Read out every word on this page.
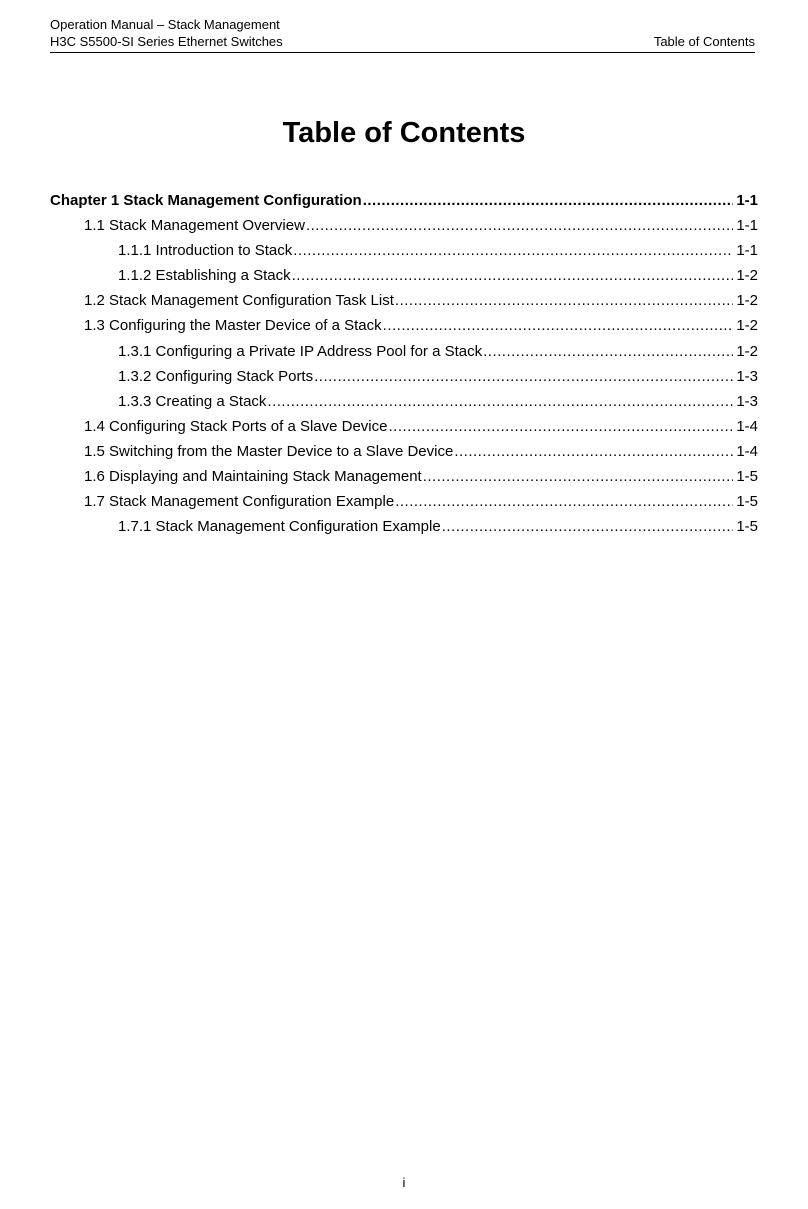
Operation Manual – Stack Management
H3C S5500-SI Series Ethernet Switches	Table of Contents
Table of Contents
Chapter 1 Stack Management Configuration .....	1-1
1.1 Stack Management Overview .....	1-1
1.1.1 Introduction to Stack .....	1-1
1.1.2 Establishing a Stack .....	1-2
1.2 Stack Management Configuration Task List .....	1-2
1.3 Configuring the Master Device of a Stack .....	1-2
1.3.1 Configuring a Private IP Address Pool for a Stack .....	1-2
1.3.2 Configuring Stack Ports .....	1-3
1.3.3 Creating a Stack .....	1-3
1.4 Configuring Stack Ports of a Slave Device .....	1-4
1.5 Switching from the Master Device to a Slave Device .....	1-4
1.6 Displaying and Maintaining Stack Management .....	1-5
1.7 Stack Management Configuration Example .....	1-5
1.7.1 Stack Management Configuration Example .....	1-5
i
